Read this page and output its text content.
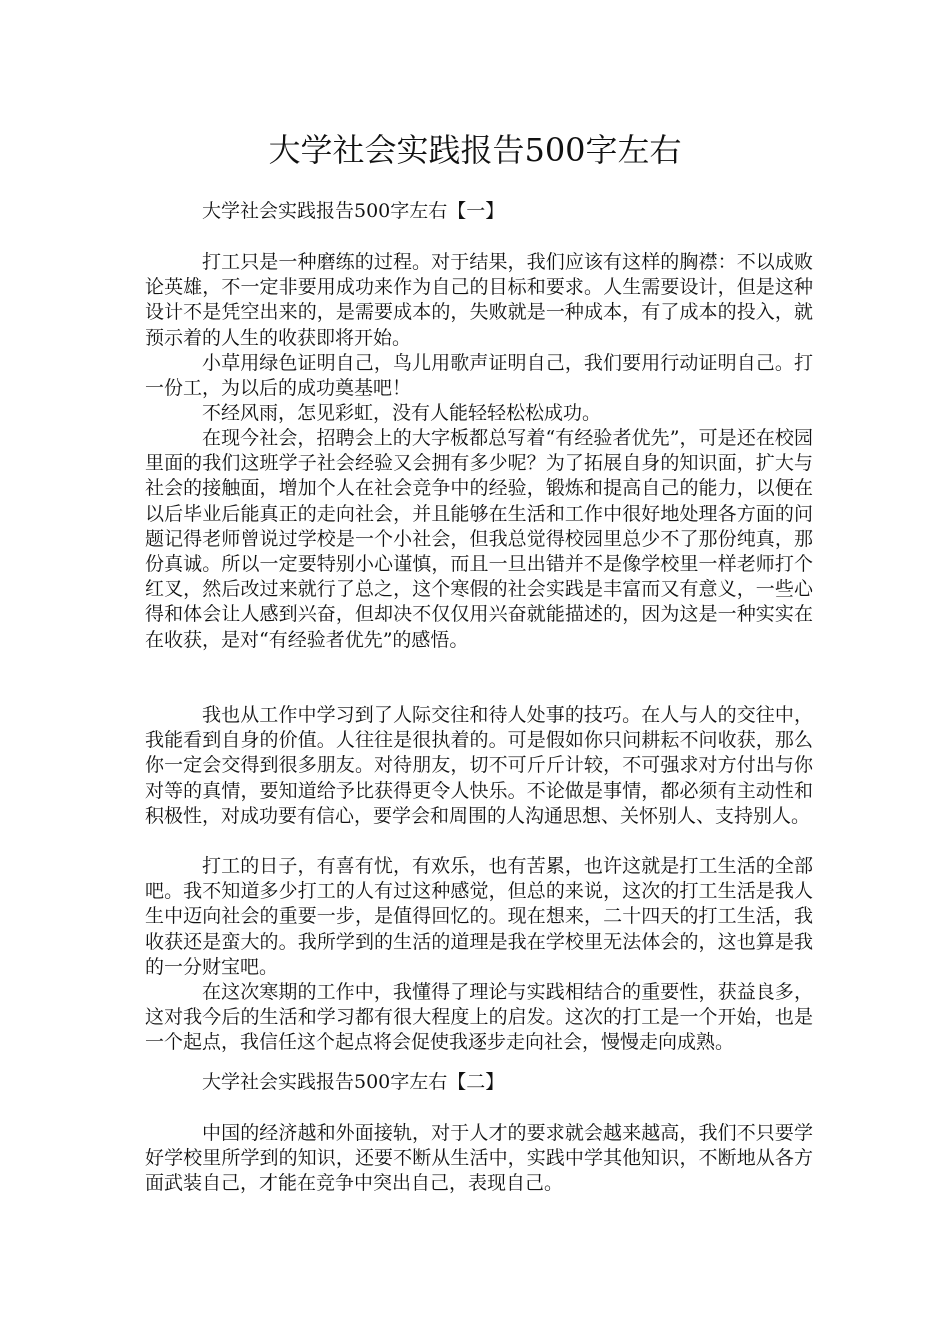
大学社会实践报告500字左右
大学社会实践报告500字左右【一】

打工只是一种磨练的过程。对于结果，我们应该有这样的胸襟：不以成败论英雄，不一定非要用成功来作为自己的目标和要求。人生需要设计，但是这种设计不是凭空出来的，是需要成本的，失败就是一种成本，有了成本的投入，就预示着的人生的收获即将开始。

小草用绿色证明自己，鸟儿用歌声证明自己，我们要用行动证明自己。打一份工，为以后的成功奠基吧！

不经风雨，怎见彩虹，没有人能轻轻松松成功。

在现今社会，招聘会上的大字板都总写着“有经验者优先”，可是还在校园里面的我们这班学子社会经验又会拥有多少呢？为了拓展自身的知识面，扩大与社会的接触面，增加个人在社会竞争中的经验，锻炼和提高自己的能力，以便在以后毕业后能真正的走向社会，并且能够在生活和工作中很好地处理各方面的问题记得老师曾说过学校是一个小社会，但我总觉得校园里总少不了那份纯真，那份真诚。所以一定要特别小心谨慎，而且一旦出错并不是像学校里一样老师打个红叉，然后改过来就行了总之，这个寒假的社会实践是丰富而又有意义，一些心得和体会让人感到兴奋，但却决不仅仅用兴奋就能描述的，因为这是一种实实在在收获，是对“有经验者优先”的感悟。

我也从工作中学习到了人际交往和待人处事的技巧。在人与人的交往中，我能看到自身的价值。人往往是很执着的。可是假如你只问耕耘不问收获，那么你一定会交得到很多朋友。对待朋友，切不可斤斤计较，不可强求对方付出与你对等的真情，要知道给予比获得更令人快乐。不论做是事情，都必须有主动性和积极性，对成功要有信心，要学会和周围的人沟通思想、关怀别人、支持别人。

打工的日子，有喜有忧，有欢乐，也有苦累，也许这就是打工生活的全部吧。我不知道多少打工的人有过这种感觉，但总的来说，这次的打工生活是我人生中迈向社会的重要一步，是值得回忆的。现在想来，二十四天的打工生活，我收获还是蛮大的。我所学到的生活的道理是我在学校里无法体会的，这也算是我的一分财宝吧。

在这次寒期的工作中，我懂得了理论与实践相结合的重要性，获益良多，这对我今后的生活和学习都有很大程度上的启发。这次的打工是一个开始，也是一个起点，我信任这个起点将会促使我逐步走向社会，慢慢走向成熟。

大学社会实践报告500字左右【二】

中国的经济越和外面接轨，对于人才的要求就会越来越高，我们不只要学好学校里所学到的知识，还要不断从生活中，实践中学其他知识，不断地从各方面武装自己，才能在竞争中突出自己，表现自己。
